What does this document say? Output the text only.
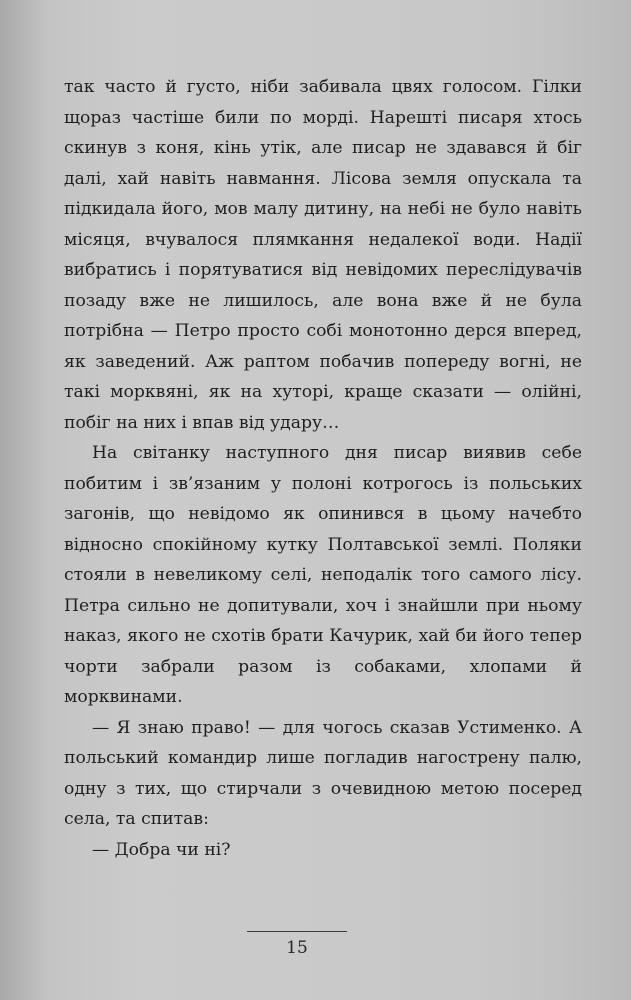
так часто й густо, ніби забивала цвях голосом. Гілки щораз частіше били по морді. Нарешті писаря хтось скинув з коня, кінь утік, але писар не здавався й біг далі, хай навіть навмання. Лісова земля опускала та підкидала його, мов малу дитину, на небі не було навіть місяця, вчувалося плямкання недалекої води. Надії вибратись і порятуватися від невідомих переслідувачів позаду вже не лишилось, але вона вже й не була потрібна — Петро просто собі монотонно дерся вперед, як заведений. Аж раптом побачив попереду вогні, не такі морквяні, як на хуторі, краще сказати — олійні, побіг на них і впав від удару…

На світанку наступного дня писар виявив себе побитим і зв’язаним у полоні котрогось із польських загонів, що невідомо як опинився в цьому начебто відносно спокійному кутку Полтавської землі. Поляки стояли в невеликому селі, неподалік того самого лісу. Петра сильно не допитували, хоч і знайшли при ньому наказ, якого не схотів брати Качурик, хай би його тепер чорти забрали разом із собаками, хлопами й морквинами.

— Я знаю право! — для чогось сказав Устименко. А польський командир лише погладив нагострену палю, одну з тих, що стирчали з очевидною метою посеред села, та спитав:

— Добра чи ні?

15
